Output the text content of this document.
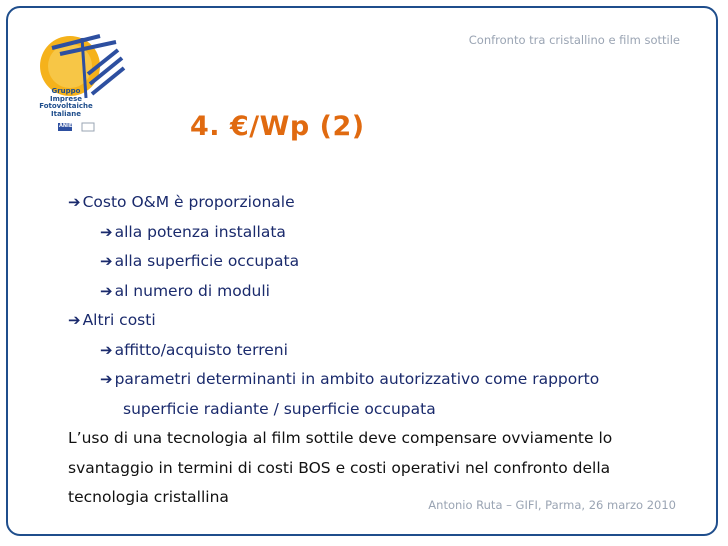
Confronto tra cristallino e film sottile
Gruppo
Imprese
Fotovoltaiche
Italiane
ANIE	4. €/Wp (2)
➔ Costo O&M è proporzionale
➔ alla potenza installata
➔ alla superficie occupata
➔ al numero di moduli
➔ Altri costi
➔ affitto/acquisto terreni
➔ parametri determinanti in ambito autorizzativo come rapporto
superficie radiante / superficie occupata
L’uso di una tecnologia al film sottile deve compensare ovviamente lo
svantaggio in termini di costi BOS e costi operativi nel confronto della
tecnologia cristallina	Antonio Ruta – GIFI, Parma, 26 marzo 2010
